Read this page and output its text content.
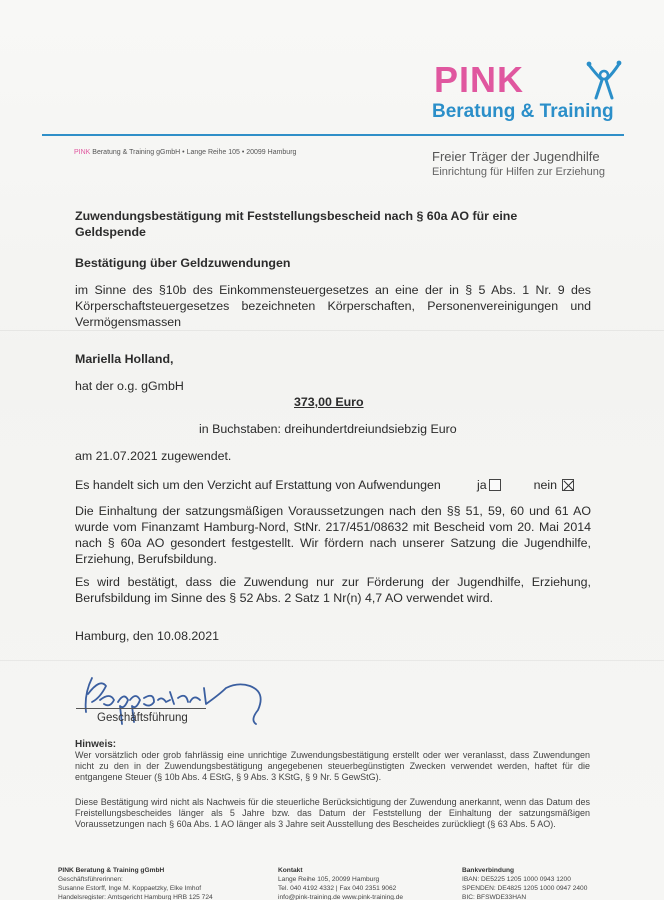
PINK
Beratung & Training
PINK Beratung & Training gGmbH • Lange Reihe 105 • 20099 Hamburg	Freier Träger der Jugendhilfe
Einrichtung für Hilfen zur Erziehung
Zuwendungsbestätigung mit Feststellungsbescheid nach § 60a AO für eine Geldspende
Bestätigung über Geldzuwendungen
im Sinne des §10b des Einkommensteuergesetzes an eine der in § 5 Abs. 1 Nr. 9 des Körperschaftsteuergesetzes bezeichneten Körperschaften, Personenvereinigungen und Vermögensmassen
Mariella Holland,
hat der o.g. gGmbH
373,00 Euro
in Buchstaben: dreihundertdreiundsiebzig Euro
am 21.07.2021 zugewendet.
Es handelt sich um den Verzicht auf Erstattung von Aufwendungen	ja	nein
Die Einhaltung der satzungsmäßigen Voraussetzungen nach den §§ 51, 59, 60 und 61 AO wurde vom Finanzamt Hamburg-Nord, StNr. 217/451/08632 mit Bescheid vom 20. Mai 2014 nach § 60a AO gesondert festgestellt. Wir fördern nach unserer Satzung die Jugendhilfe, Erziehung, Berufsbildung.
Es wird bestätigt, dass die Zuwendung nur zur Förderung der Jugendhilfe, Erziehung, Berufsbildung im Sinne des § 52 Abs. 2 Satz 1 Nr(n) 4,7 AO verwendet wird.
Hamburg, den 10.08.2021
Geschäftsführung
Hinweis:
Wer vorsätzlich oder grob fahrlässig eine unrichtige Zuwendungsbestätigung erstellt oder wer veranlasst, dass Zuwendungen nicht zu den in der Zuwendungsbestätigung angegebenen steuerbegünstigten Zwecken verwendet werden, haftet für die entgangene Steuer (§ 10b Abs. 4 EStG, § 9 Abs. 3 KStG, § 9 Nr. 5 GewStG).
Diese Bestätigung wird nicht als Nachweis für die steuerliche Berücksichtigung der Zuwendung anerkannt, wenn das Datum des Freistellungsbescheides länger als 5 Jahre bzw. das Datum der Feststellung der Einhaltung der satzungsmäßigen Voraussetzungen nach § 60a Abs. 1 AO länger als 3 Jahre seit Ausstellung des Bescheides zurückliegt (§ 63 Abs. 5 AO).
PINK Beratung & Training gGmbH
Geschäftsführerinnen:
Susanne Estorff, Inge M. Koppaetzky, Elke Imhof
Handelsregister: Amtsgericht Hamburg HRB 125 724
Kontakt
Lange Reihe 105, 20099 Hamburg
Tel. 040 4192 4332 | Fax 040 2351 9062
info@pink-training.de www.pink-training.de
Bankverbindung
IBAN: DE5225 1205 1000 0943 1200
SPENDEN: DE4825 1205 1000 0947 2400
BIC: BFSWDE33HAN
